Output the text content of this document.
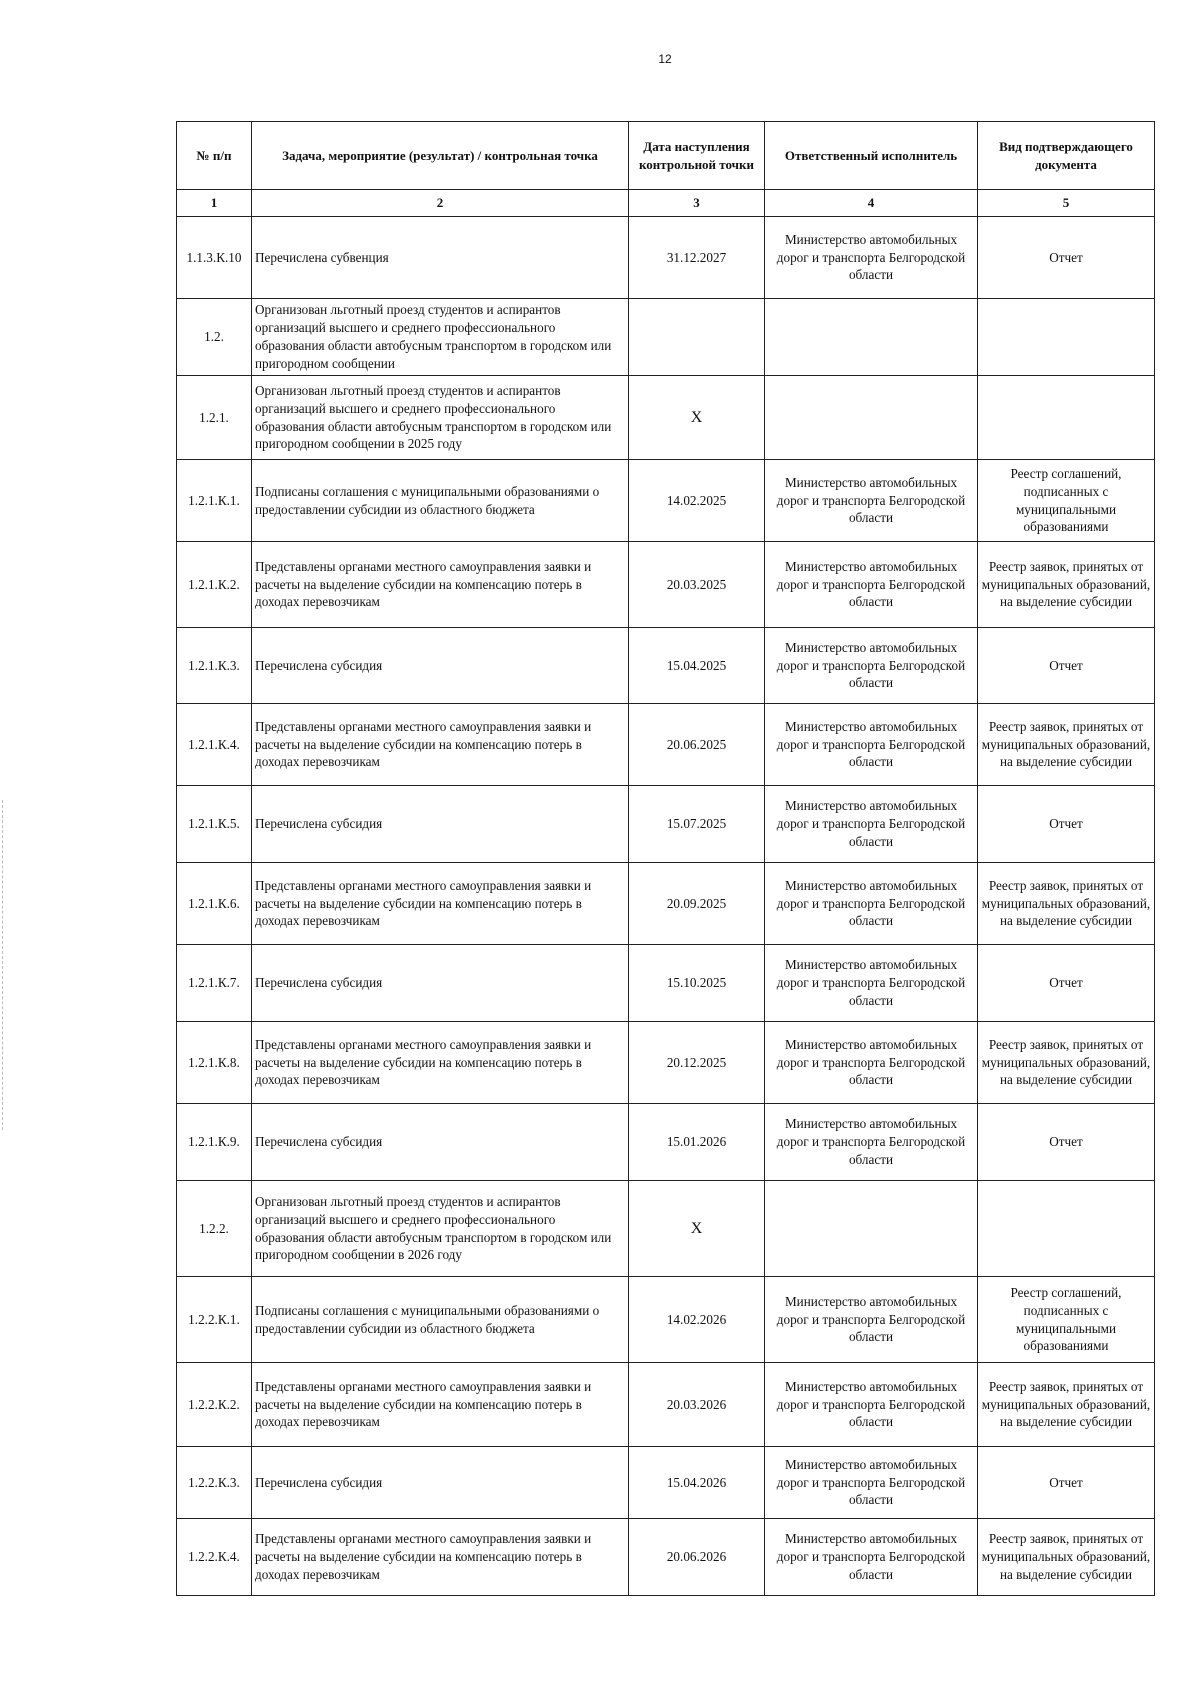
12
№ п/п	Задача, мероприятие (результат) / контрольная точка	Дата наступления контрольной точки	Ответственный исполнитель	Вид подтверждающего документа
1	2	3	4	5
1.1.3.К.10	Перечислена субвенция	31.12.2027	Министерство автомобильных дорог и транспорта Белгородской области	Отчет
1.2.	Организован льготный проезд студентов и аспирантов организаций высшего и среднего профессионального образования области автобусным транспортом в городском или пригородном сообщении			
1.2.1.	Организован льготный проезд студентов и аспирантов организаций высшего и среднего профессионального образования области автобусным транспортом в городском или пригородном сообщении в 2025 году	X		
1.2.1.К.1.	Подписаны соглашения с муниципальными образованиями о предоставлении субсидии из областного бюджета	14.02.2025	Министерство автомобильных дорог и транспорта Белгородской области	Реестр соглашений, подписанных с муниципальными образованиями
1.2.1.К.2.	Представлены органами местного самоуправления заявки и расчеты на выделение субсидии на компенсацию потерь в доходах перевозчикам	20.03.2025	Министерство автомобильных дорог и транспорта Белгородской области	Реестр заявок, принятых от муниципальных образований, на выделение субсидии
1.2.1.К.3.	Перечислена субсидия	15.04.2025	Министерство автомобильных дорог и транспорта Белгородской области	Отчет
1.2.1.К.4.	Представлены органами местного самоуправления заявки и расчеты на выделение субсидии на компенсацию потерь в доходах перевозчикам	20.06.2025	Министерство автомобильных дорог и транспорта Белгородской области	Реестр заявок, принятых от муниципальных образований, на выделение субсидии
1.2.1.К.5.	Перечислена субсидия	15.07.2025	Министерство автомобильных дорог и транспорта Белгородской области	Отчет
1.2.1.К.6.	Представлены органами местного самоуправления заявки и расчеты на выделение субсидии на компенсацию потерь в доходах перевозчикам	20.09.2025	Министерство автомобильных дорог и транспорта Белгородской области	Реестр заявок, принятых от муниципальных образований, на выделение субсидии
1.2.1.К.7.	Перечислена субсидия	15.10.2025	Министерство автомобильных дорог и транспорта Белгородской области	Отчет
1.2.1.К.8.	Представлены органами местного самоуправления заявки и расчеты на выделение субсидии на компенсацию потерь в доходах перевозчикам	20.12.2025	Министерство автомобильных дорог и транспорта Белгородской области	Реестр заявок, принятых от муниципальных образований, на выделение субсидии
1.2.1.К.9.	Перечислена субсидия	15.01.2026	Министерство автомобильных дорог и транспорта Белгородской области	Отчет
1.2.2.	Организован льготный проезд студентов и аспирантов организаций высшего и среднего профессионального образования области автобусным транспортом в городском или пригородном сообщении в 2026 году	X		
1.2.2.К.1.	Подписаны соглашения с муниципальными образованиями о предоставлении субсидии из областного бюджета	14.02.2026	Министерство автомобильных дорог и транспорта Белгородской области	Реестр соглашений, подписанных с муниципальными образованиями
1.2.2.К.2.	Представлены органами местного самоуправления заявки и расчеты на выделение субсидии на компенсацию потерь в доходах перевозчикам	20.03.2026	Министерство автомобильных дорог и транспорта Белгородской области	Реестр заявок, принятых от муниципальных образований, на выделение субсидии
1.2.2.К.3.	Перечислена субсидия	15.04.2026	Министерство автомобильных дорог и транспорта Белгородской области	Отчет
1.2.2.К.4.	Представлены органами местного самоуправления заявки и расчеты на выделение субсидии на компенсацию потерь в доходах перевозчикам	20.06.2026	Министерство автомобильных дорог и транспорта Белгородской области	Реестр заявок, принятых от муниципальных образований, на выделение субсидии
